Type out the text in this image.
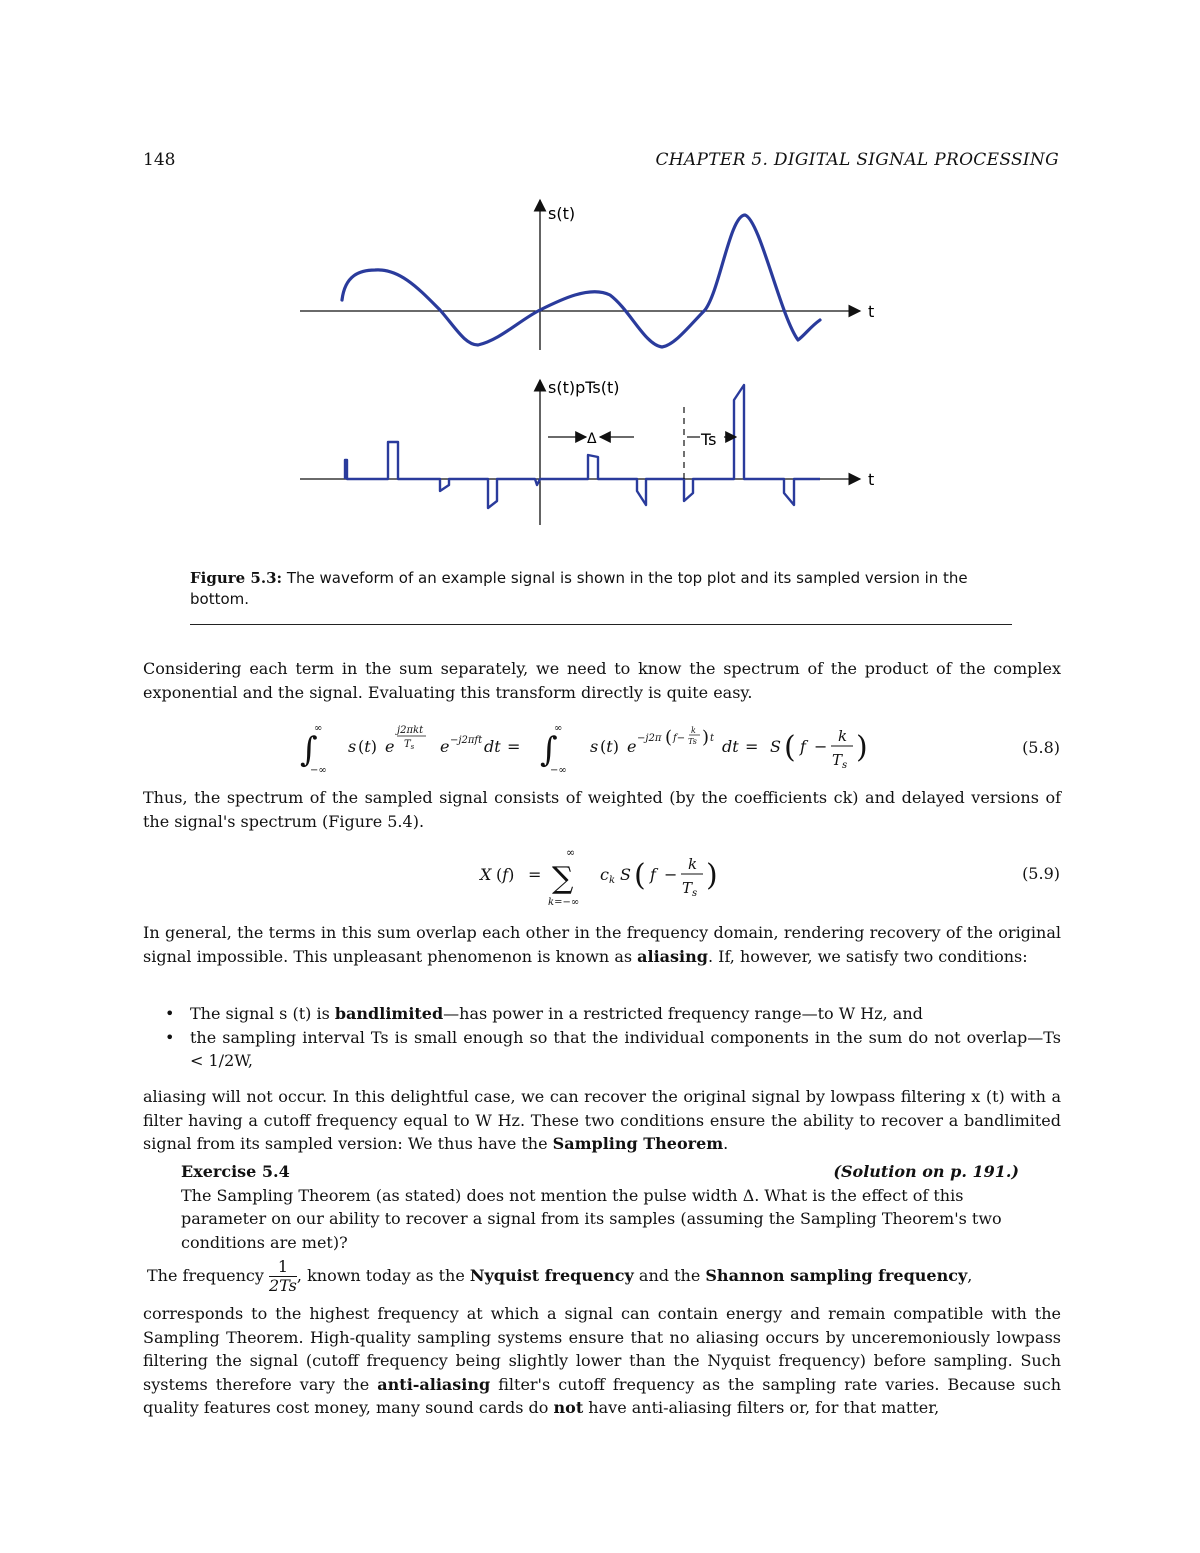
148	CHAPTER 5. DIGITAL SIGNAL PROCESSING
s(t)
t
s(t)pTs(t)
Δ	Ts
t
Figure 5.3: The waveform of an example signal is shown in the top plot and its sampled version in the bottom.
Considering each term in the sum separately, we need to know the spectrum of the product of the complex exponential and the signal. Evaluating this transform directly is quite easy.
∫
∞
−∞
s (t) e
j2πkt
$T_s$ e −j2πft dt = ∫
∞
−∞
s (t) e −j2π ( f−
k
Ts ) t dt = S ( f −
k
$T_s$
)	(5.8)
Thus, the spectrum of the sampled signal consists of weighted (by the coefficients ck) and delayed versions of the signal's spectrum (Figure 5.4).
X (f) =
∞
∑
k=−∞
ck S ( f −
k
$T_s$
)	(5.9)
In general, the terms in this sum overlap each other in the frequency domain, rendering recovery of the original signal impossible. This unpleasant phenomenon is known as aliasing. If, however, we satisfy two conditions:
• The signal s (t) is bandlimited—has power in a restricted frequency range—to W Hz, and
• the sampling interval Ts is small enough so that the individual components in the sum do not overlap—Ts < 1/2W,
aliasing will not occur. In this delightful case, we can recover the original signal by lowpass filtering x (t) with a filter having a cutoff frequency equal to W Hz. These two conditions ensure the ability to recover a bandlimited signal from its sampled version: We thus have the Sampling Theorem.
Exercise 5.4	(Solution on p. 191.)
The Sampling Theorem (as stated) does not mention the pulse width Δ. What is the effect of this parameter on our ability to recover a signal from its samples (assuming the Sampling Theorem's two conditions are met)?
The frequency $\frac{1}{2Ts}$ , known today as the Nyquist frequency and the Shannon sampling frequency,
corresponds to the highest frequency at which a signal can contain energy and remain compatible with the Sampling Theorem. High-quality sampling systems ensure that no aliasing occurs by unceremoniously lowpass filtering the signal (cutoff frequency being slightly lower than the Nyquist frequency) before sampling. Such systems therefore vary the anti-aliasing filter's cutoff frequency as the sampling rate varies. Because such quality features cost money, many sound cards do not have anti-aliasing filters or, for that matter,
